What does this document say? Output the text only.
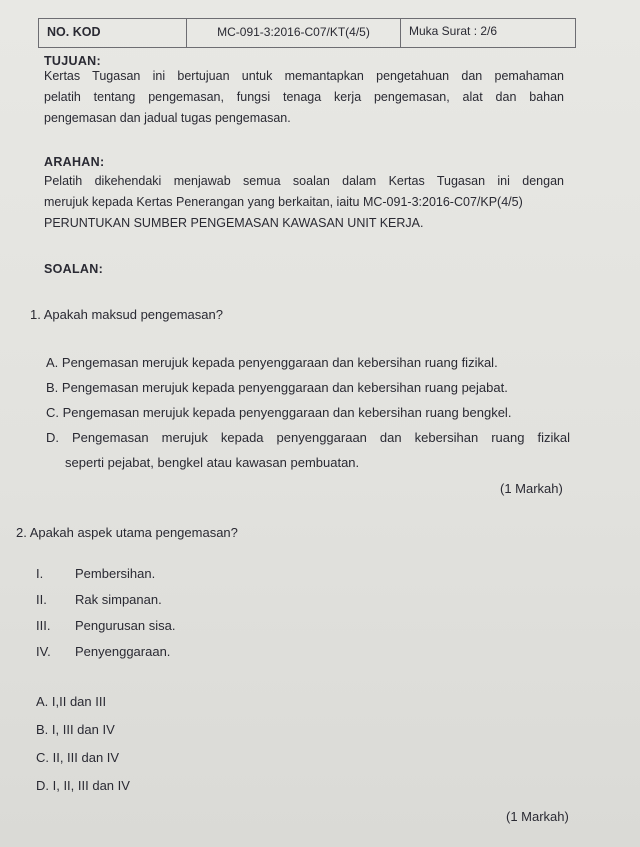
NO. KOD	MC-091-3:2016-C07/KT(4/5)	Muka Surat : 2/6
TUJUAN:
Kertas Tugasan ini bertujuan untuk memantapkan pengetahuan dan pemahaman
pelatih tentang pengemasan, fungsi tenaga kerja pengemasan, alat dan bahan
pengemasan dan jadual tugas pengemasan.
ARAHAN:
Pelatih dikehendaki menjawab semua soalan dalam Kertas Tugasan ini dengan
merujuk kepada Kertas Penerangan yang berkaitan, iaitu MC-091-3:2016-C07/KP(4/5)
PERUNTUKAN SUMBER PENGEMASAN KAWASAN UNIT KERJA.
SOALAN:
1. Apakah maksud pengemasan?
A. Pengemasan merujuk kepada penyenggaraan dan kebersihan ruang fizikal.
B. Pengemasan merujuk kepada penyenggaraan dan kebersihan ruang pejabat.
C. Pengemasan merujuk kepada penyenggaraan dan kebersihan ruang bengkel.
D. Pengemasan merujuk kepada penyenggaraan dan kebersihan ruang fizikal
seperti pejabat, bengkel atau kawasan pembuatan.
(1 Markah)
2. Apakah aspek utama pengemasan?
I. Pembersihan.
II. Rak simpanan.
III. Pengurusan sisa.
IV. Penyenggaraan.
A. I,II dan III
B. I, III dan IV
C. II, III dan IV
D. I, II, III dan IV
(1 Markah)
